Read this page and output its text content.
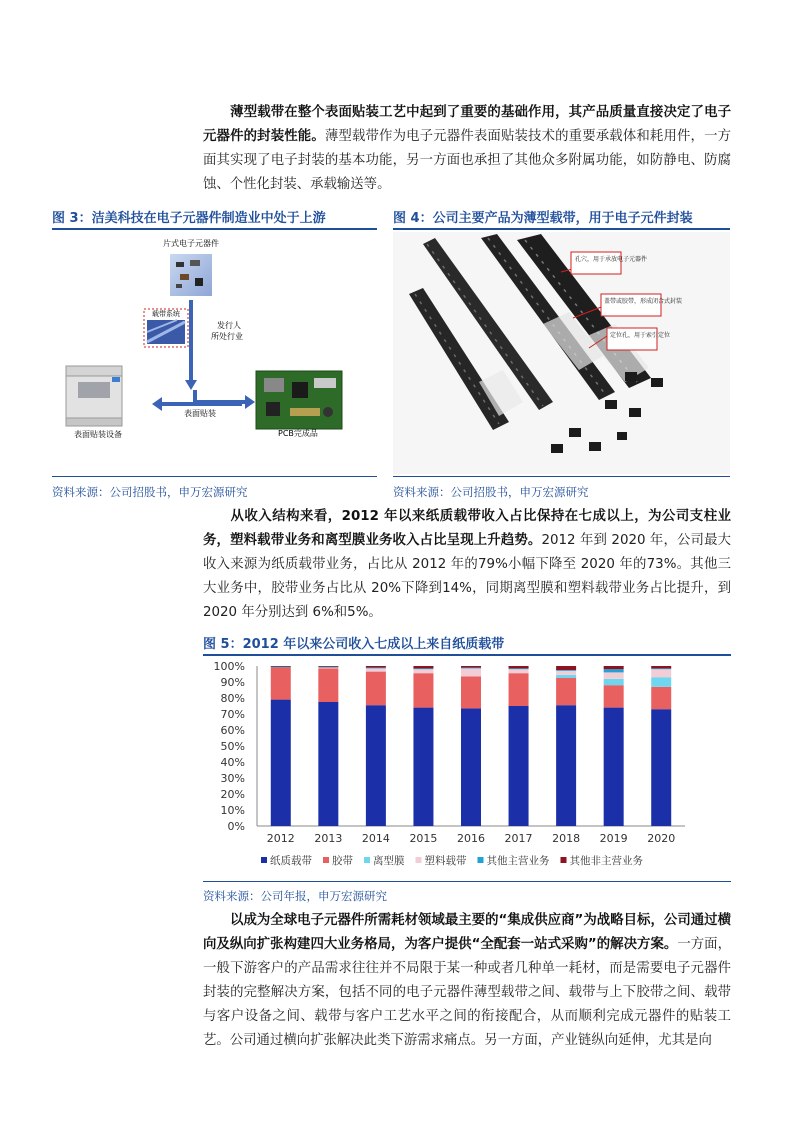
薄型载带在整个表面贴装工艺中起到了重要的基础作用，其产品质量直接决定了电子元器件的封装性能。薄型载带作为电子元器件表面贴装技术的重要承载体和耗用件，一方面其实现了电子封装的基本功能，另一方面也承担了其他众多附属功能，如防静电、防腐蚀、个性化封装、承载输送等。
图 3：洁美科技在电子元器件制造业中处于上游
片式电子元器件
载带系统
发行人
所处行业
表面贴装
表面贴装设备	PCB完成品
资料来源：公司招股书，申万宏源研究
图 4：公司主要产品为薄型载带，用于电子元件封装
孔穴，用于承放电子元器件
盖带或胶带，形成闭合式封装
定位孔，用于索引定位
资料来源：公司招股书，申万宏源研究
从收入结构来看，2012 年以来纸质载带收入占比保持在七成以上，为公司支柱业务，塑料载带业务和离型膜业务收入占比呈现上升趋势。2012 年到 2020 年，公司最大收入来源为纸质载带业务，占比从 2012 年的79%小幅下降至 2020 年的73%。其他三大业务中，胶带业务占比从 20%下降到14%，同期离型膜和塑料载带业务占比提升，到 2020 年分别达到 6%和5%。
图 5：2012 年以来公司收入七成以上来自纸质载带
0%
10%
20%
30%
40%
50%
60%
70%
80%
90%
100%
2012 2013 2014 2015 2016 2017 2018 2019 2020
纸质载带 胶带 离型膜 塑料载带 其他主营业务 其他非主营业务
资料来源：公司年报，申万宏源研究
以成为全球电子元器件所需耗材领域最主要的“集成供应商”为战略目标，公司通过横向及纵向扩张构建四大业务格局，为客户提供“全配套一站式采购”的解决方案。一方面，一般下游客户的产品需求往往并不局限于某一种或者几种单一耗材，而是需要电子元器件封装的完整解决方案，包括不同的电子元器件薄型载带之间、载带与上下胶带之间、载带与客户设备之间、载带与客户工艺水平之间的衔接配合，从而顺利完成元器件的贴装工艺。公司通过横向扩张解决此类下游需求痛点。另一方面，产业链纵向延伸，尤其是向
